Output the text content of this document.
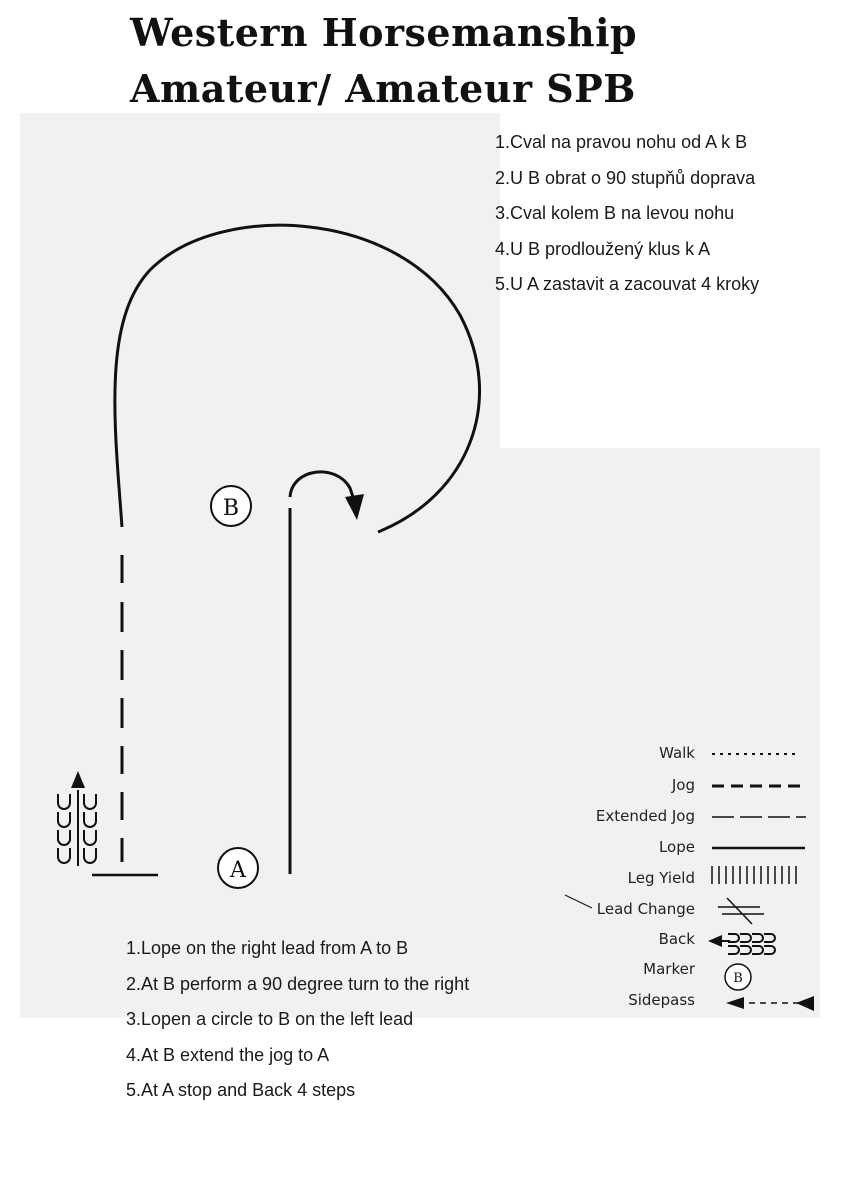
Western Horsemanship
Amateur/ Amateur SPB
1.Cval na pravou nohu od A k B
2.U B obrat o 90 stupňů doprava
3.Cval kolem B na levou nohu
4.U B prodloužený klus k A
5.U A zastavit a zacouvat 4 kroky
B
A
B
Walk
Jog
Extended Jog
Lope
Leg Yield
Lead Change
Back
Marker
Sidepass
1.Lope on the right lead from A to B
2.At B perform a 90 degree turn to the right
3.Lopen a circle to B on the left lead
4.At B extend the jog to A
5.At A stop and Back 4 steps
